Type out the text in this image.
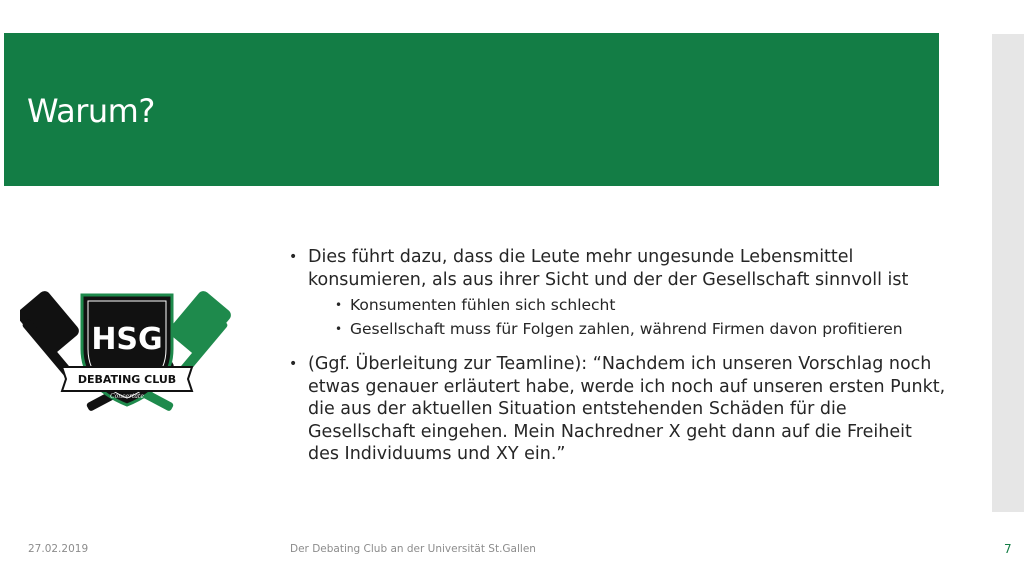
Warum?
HSG
DEBATING CLUB
Concertate
• Dies führt dazu, dass die Leute mehr ungesunde Lebensmittel konsumieren, als aus ihrer Sicht und der der Gesellschaft sinnvoll ist
• Konsumenten fühlen sich schlecht
• Gesellschaft muss für Folgen zahlen, während Firmen davon profitieren
• (Ggf. Überleitung zur Teamline): “Nachdem ich unseren Vorschlag noch etwas genauer erläutert habe, werde ich noch auf unseren ersten Punkt, die aus der aktuellen Situation entstehenden Schäden für die Gesellschaft eingehen. Mein Nachredner X geht dann auf die Freiheit des Individuums und XY ein.”
27.02.2019	Der Debating Club an der Universität St.Gallen	7
